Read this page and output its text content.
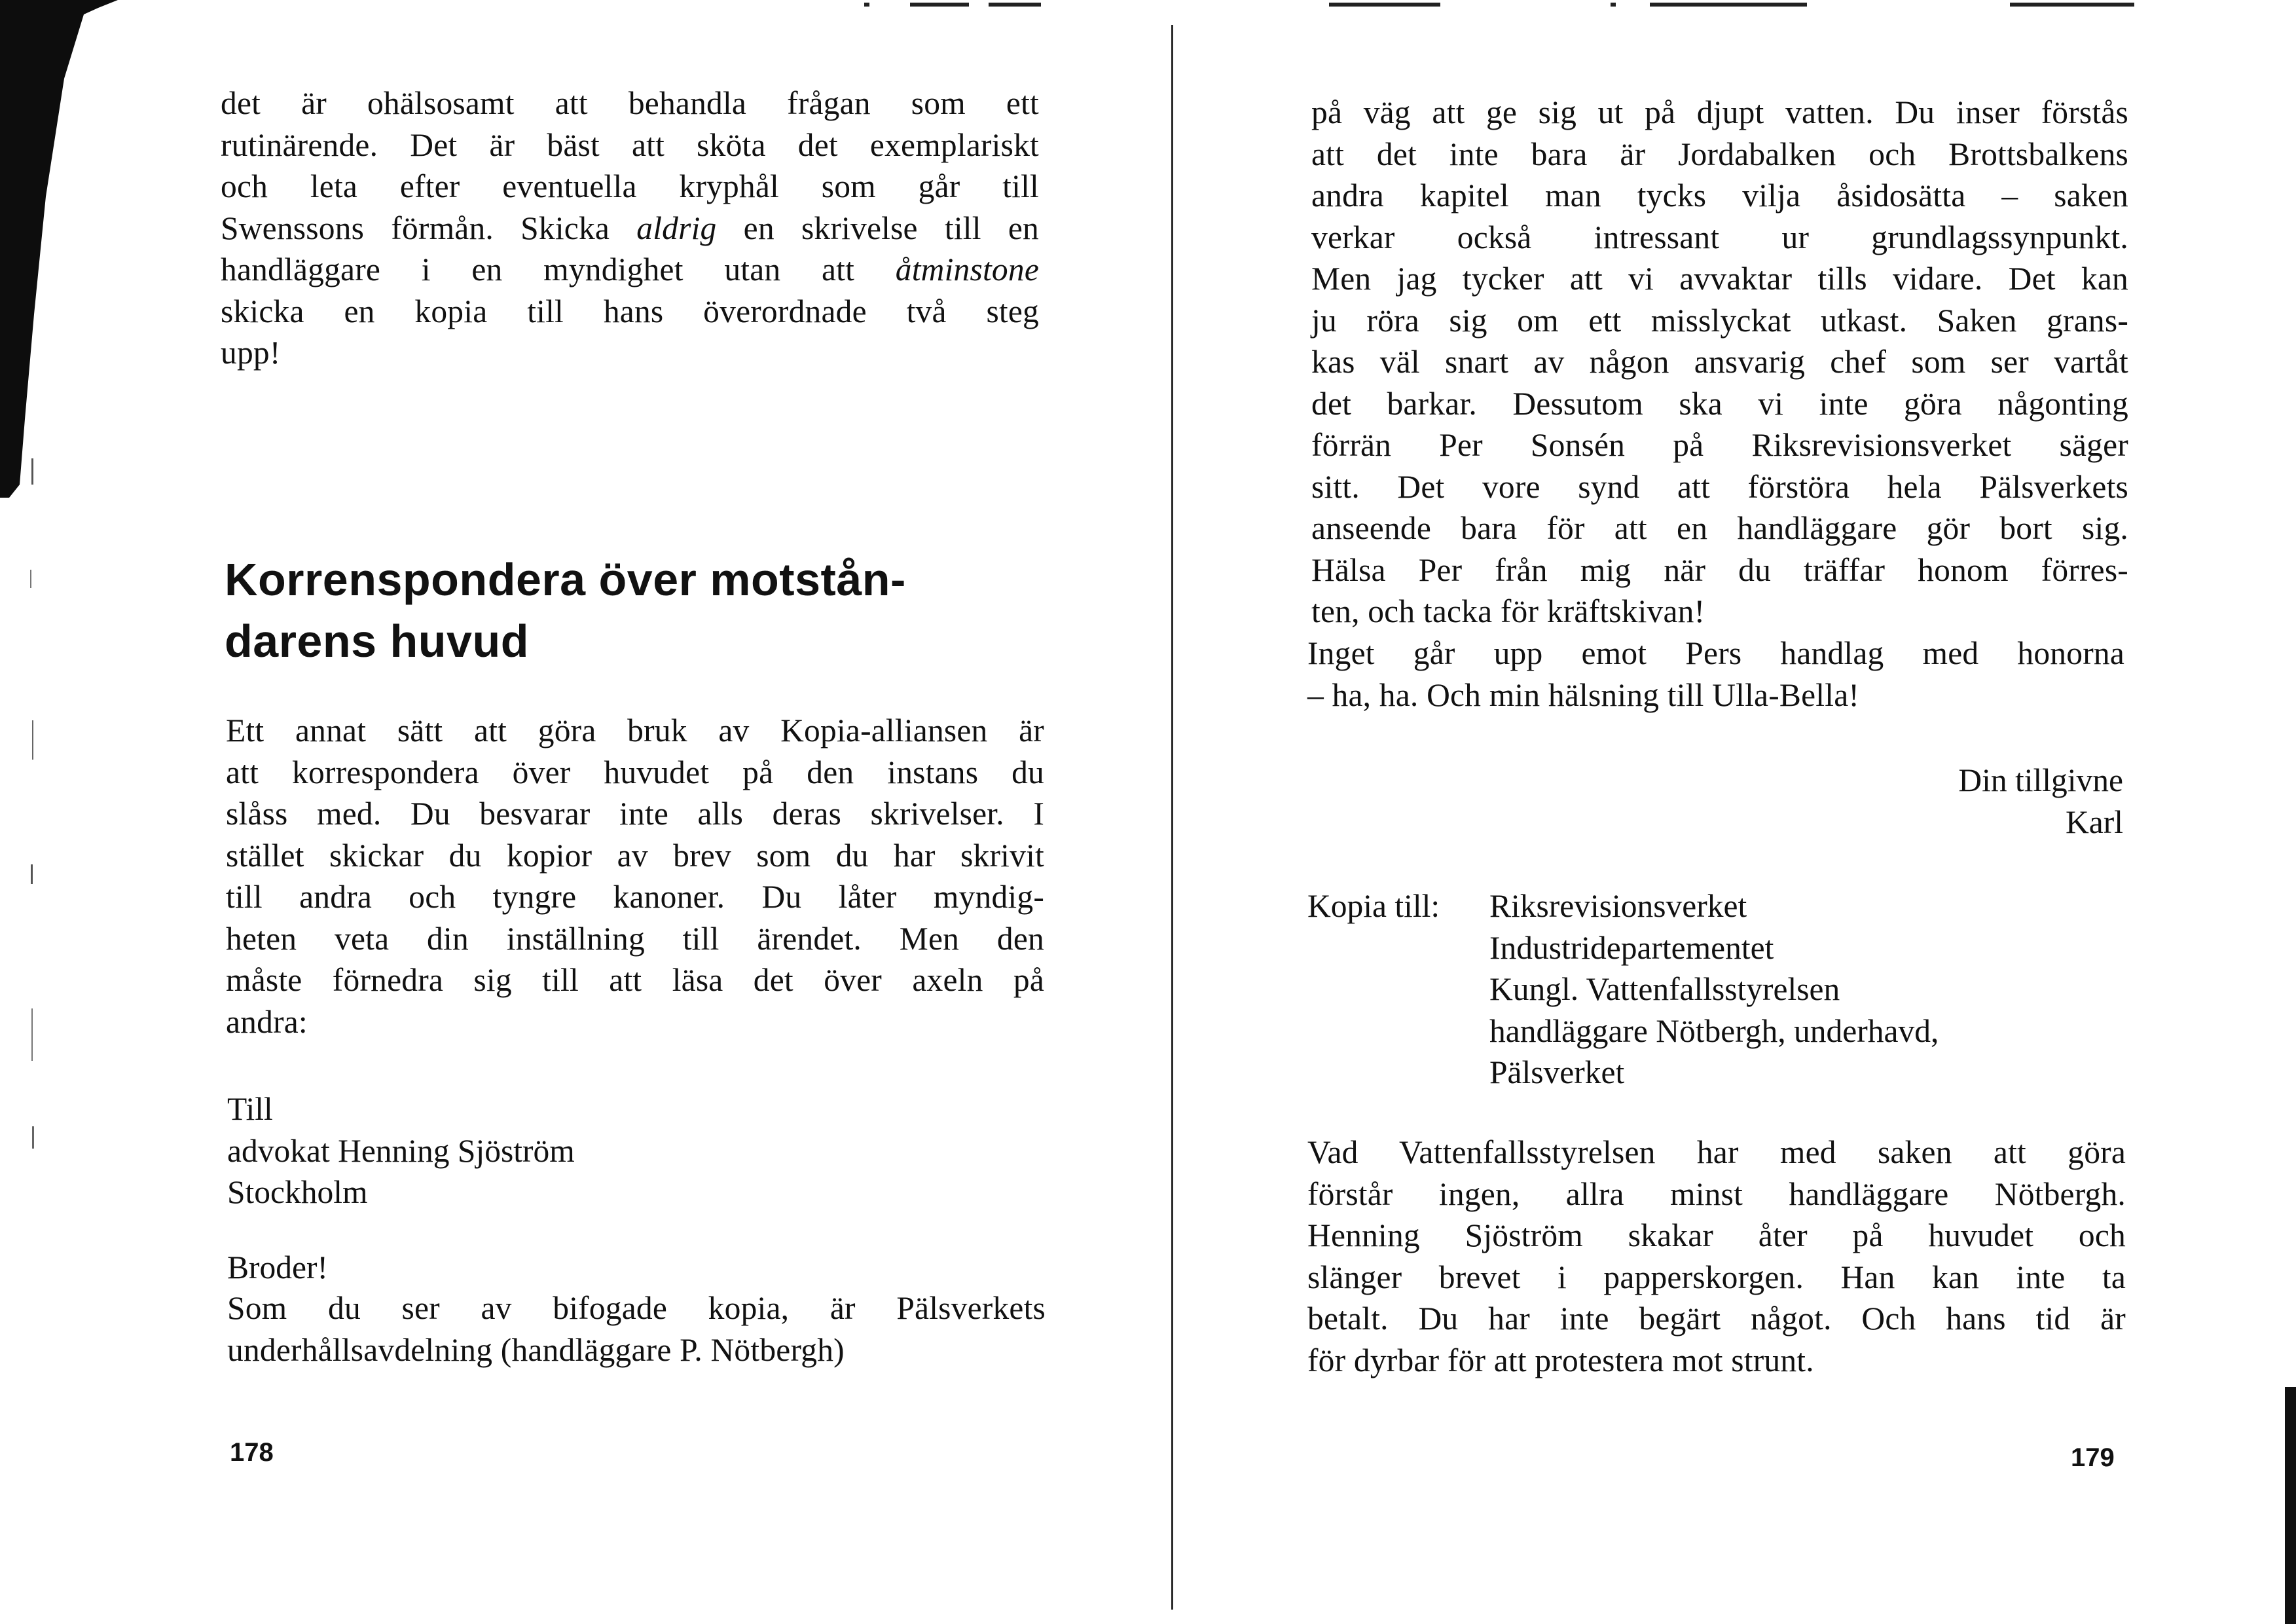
det är ohälsosamt att behandla frågan som ett
rutinärende. Det är bäst att sköta det exemplariskt
och leta efter eventuella kryphål som går till
Swenssons förmån. Skicka aldrig en skrivelse till en
handläggare i en myndighet utan att åtminstone
skicka en kopia till hans överordnade två steg
upp!
Korrenspondera över motstån-
darens huvud
Ett annat sätt att göra bruk av Kopia-alliansen är
att korrespondera över huvudet på den instans du
slåss med. Du besvarar inte alls deras skrivelser. I
stället skickar du kopior av brev som du har skrivit
till andra och tyngre kanoner. Du låter myndig-
heten veta din inställning till ärendet. Men den
måste förnedra sig till att läsa det över axeln på
andra:
Till
advokat Henning Sjöström
Stockholm
Broder!
Som du ser av bifogade kopia, är Pälsverkets
underhållsavdelning (handläggare P. Nötbergh)
178
på väg att ge sig ut på djupt vatten. Du inser förstås
att det inte bara är Jordabalken och Brottsbalkens
andra kapitel man tycks vilja åsidosätta – saken
verkar också intressant ur grundlagssynpunkt.
Men jag tycker att vi avvaktar tills vidare. Det kan
ju röra sig om ett misslyckat utkast. Saken grans-
kas väl snart av någon ansvarig chef som ser vartåt
det barkar. Dessutom ska vi inte göra någonting
förrän Per Sonsén på Riksrevisionsverket säger
sitt. Det vore synd att förstöra hela Pälsverkets
anseende bara för att en handläggare gör bort sig.
Hälsa Per från mig när du träffar honom förres-
ten, och tacka för kräftskivan!
Inget går upp emot Pers handlag med honorna
– ha, ha. Och min hälsning till Ulla-Bella!
Din tillgivne
Karl
Kopia till: Riksrevisionsverket
Industridepartementet
Kungl. Vattenfallsstyrelsen
handläggare Nötbergh, underhavd,
Pälsverket
Vad Vattenfallsstyrelsen har med saken att göra
förstår ingen, allra minst handläggare Nötbergh.
Henning Sjöström skakar åter på huvudet och
slänger brevet i papperskorgen. Han kan inte ta
betalt. Du har inte begärt något. Och hans tid är
för dyrbar för att protestera mot strunt.
179
